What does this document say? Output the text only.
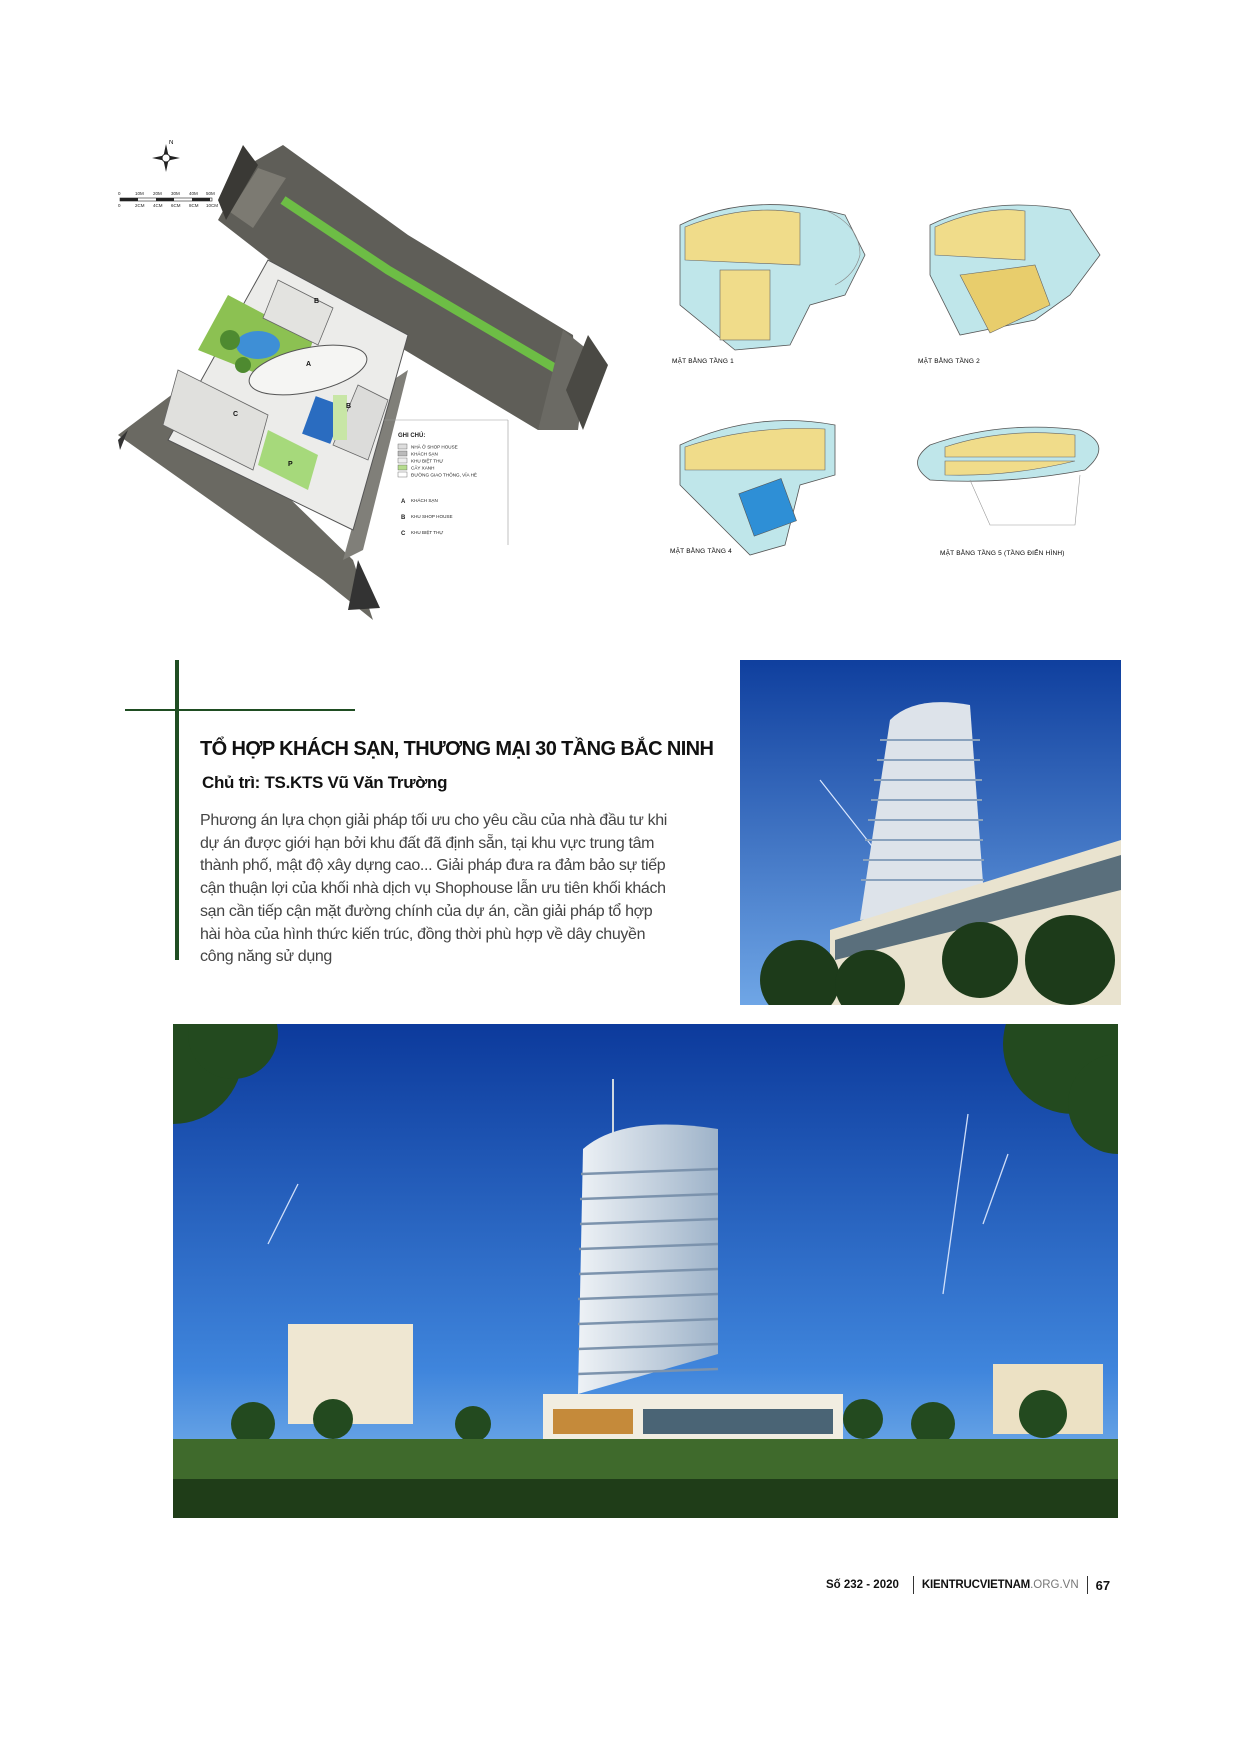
N
0	10M 20M 30M 40M 50M
0	2CM 4CM 6CM 8CM 10CM
A B B C P
GHI CHÚ:
NHÀ Ở SHOP HOUSE
KHÁCH SẠN
KHU BIỆT THỰ
CÂY XANH
ĐƯỜNG GIAO THÔNG, VỈA HÈ
A KHÁCH SẠN
B KHU SHOP HOUSE
C KHU BIỆT THỰ
MẶT BẰNG TẦNG 1	MẶT BẰNG TẦNG 2
MẶT BẰNG TẦNG 4	MẶT BẰNG TẦNG 5 (TẦNG ĐIỂN HÌNH)
TỔ HỢP KHÁCH SẠN, THƯƠNG MẠI 30 TẦNG BẮC NINH
Chủ trì: TS.KTS Vũ Văn Trường
Phương án lựa chọn giải pháp tối ưu cho yêu cầu của nhà đầu tư khi dự án được giới hạn bởi khu đất đã định sẵn, tại khu vực trung tâm thành phố, mật độ xây dựng cao... Giải pháp đưa ra đảm bảo sự tiếp cận thuận lợi của khối nhà dịch vụ Shophouse lẫn ưu tiên khối khách sạn cần tiếp cận mặt đường chính của dự án, cần giải pháp tổ hợp hài hòa của hình thức kiến trúc, đồng thời phù hợp về dây chuyền công năng sử dụng
Số 232 - 2020	KIENTRUCVIETNAM .ORG.VN 67
